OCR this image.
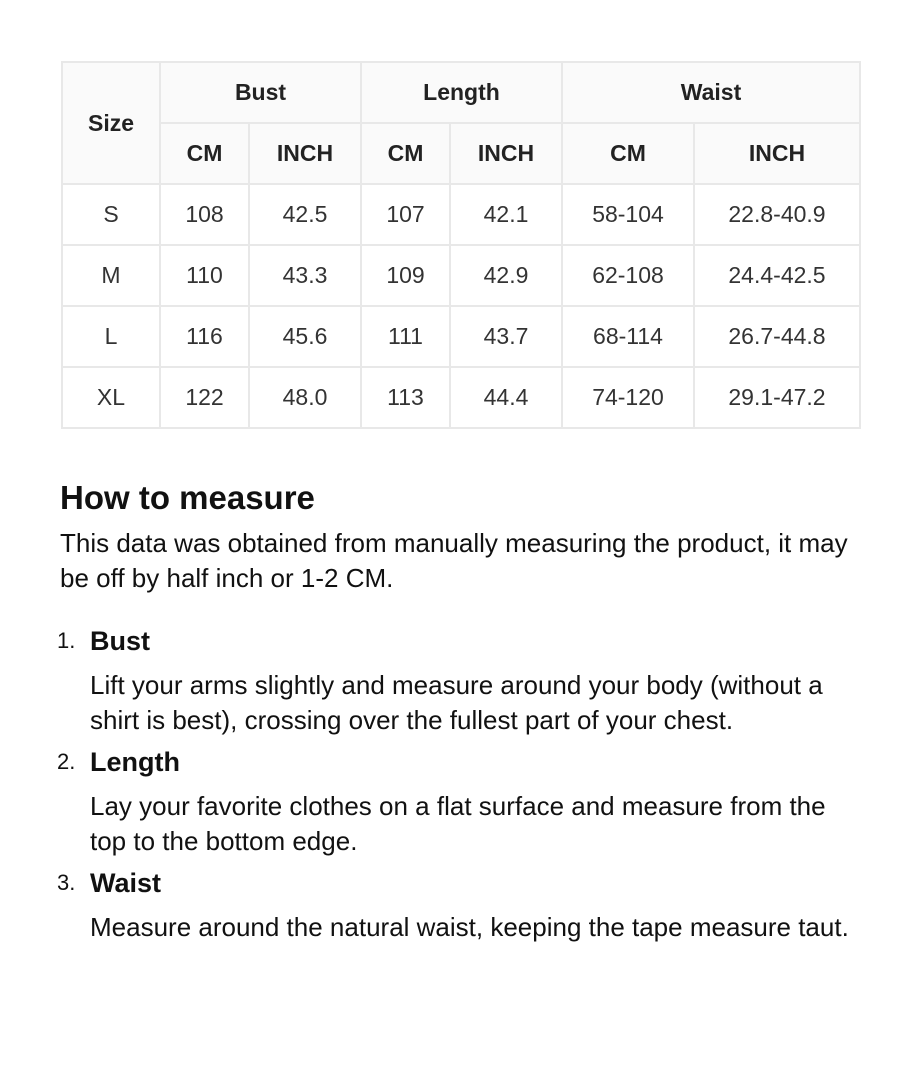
Size	Bust		Length		Waist	
	CM	INCH	CM	INCH	CM	INCH
S	108	42.5	107	42.1	58-104	22.8-40.9
M	110	43.3	109	42.9	62-108	24.4-42.5
L	116	45.6	111	43.7	68-114	26.7-44.8
XL	122	48.0	113	44.4	74-120	29.1-47.2
How to measure

This data was obtained from manually measuring the product, it may be off by half inch or 1-2 CM.

1. Bust
Lift your arms slightly and measure around your body (without a shirt is best), crossing over the fullest part of your chest.
2. Length
Lay your favorite clothes on a flat surface and measure from the top to the bottom edge.
3. Waist
Measure around the natural waist, keeping the tape measure taut.
